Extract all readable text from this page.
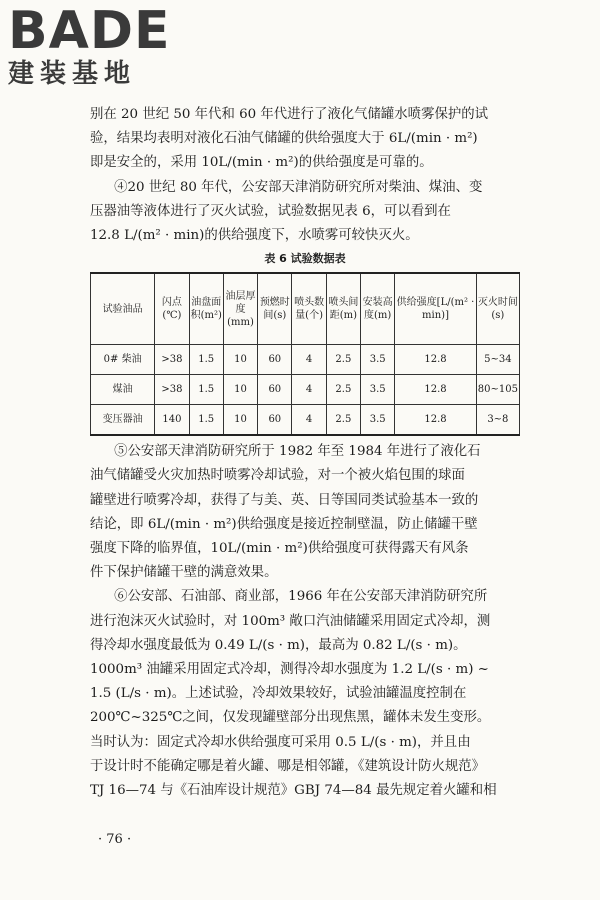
BADE
建装基地
别在 20 世纪 50 年代和 60 年代进行了液化气储罐水喷雾保护的试
验，结果均表明对液化石油气储罐的供给强度大于 6L/(min · m²)
即是安全的，采用 10L/(min · m²)的供给强度是可靠的。
④20 世纪 80 年代，公安部天津消防研究所对柴油、煤油、变
压器油等液体进行了灭火试验，试验数据见表 6，可以看到在
12.8 L/(m² · min)的供给强度下，水喷雾可较快灭火。
表 6 试验数据表
试验油品	闪点(℃)	油盘面积(m²)	油层厚度(mm)	预燃时间(s)	喷头数量(个)	喷头间距(m)	安装高度(m)	供给强度[L/(m² · min)]	灭火时间(s)
0# 柴油	>38	1.5	10	60	4	2.5	3.5	12.8	5~34
煤油	>38	1.5	10	60	4	2.5	3.5	12.8	80~105
变压器油	140	1.5	10	60	4	2.5	3.5	12.8	3~8
⑤公安部天津消防研究所于 1982 年至 1984 年进行了液化石
油气储罐受火灾加热时喷雾冷却试验，对一个被火焰包围的球面
罐壁进行喷雾冷却，获得了与美、英、日等国同类试验基本一致的
结论，即 6L/(min · m²)供给强度是接近控制壁温，防止储罐干壁
强度下降的临界值，10L/(min · m²)供给强度可获得露天有风条
件下保护储罐干壁的满意效果。
⑥公安部、石油部、商业部，1966 年在公安部天津消防研究所
进行泡沫灭火试验时，对 100m³ 敞口汽油储罐采用固定式冷却，测
得冷却水强度最低为 0.49 L/(s · m)，最高为 0.82 L/(s · m)。
1000m³ 油罐采用固定式冷却，测得冷却水强度为 1.2 L/(s · m) ~
1.5 (L/s · m)。上述试验，冷却效果较好，试验油罐温度控制在
200℃~325℃之间，仅发现罐壁部分出现焦黑，罐体未发生变形。
当时认为：固定式冷却水供给强度可采用 0.5 L/(s · m)，并且由
于设计时不能确定哪是着火罐、哪是相邻罐，《建筑设计防火规范》
TJ 16—74 与《石油库设计规范》GBJ 74—84 最先规定着火罐和相
· 76 ·
